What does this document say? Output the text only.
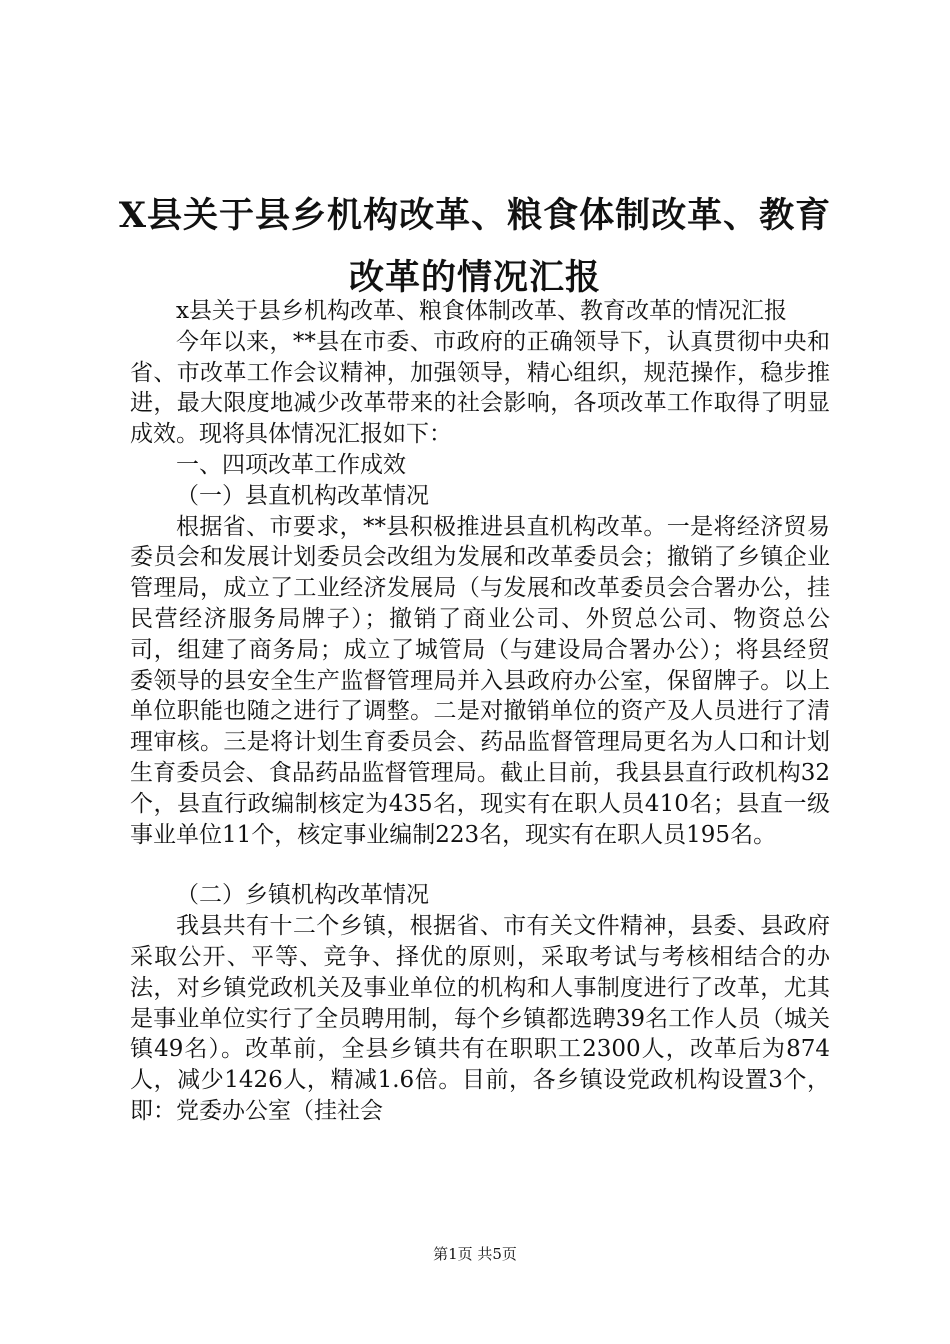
X县关于县乡机构改革、粮食体制改革、教育
改革的情况汇报

x县关于县乡机构改革、粮食体制改革、教育改革的情况汇报

今年以来，**县在市委、市政府的正确领导下，认真贯彻中央和省、市改革工作会议精神，加强领导，精心组织，规范操作，稳步推进，最大限度地减少改革带来的社会影响，各项改革工作取得了明显成效。现将具体情况汇报如下：

一、四项改革工作成效

（一）县直机构改革情况

根据省、市要求，**县积极推进县直机构改革。一是将经济贸易委员会和发展计划委员会改组为发展和改革委员会；撤销了乡镇企业管理局，成立了工业经济发展局（与发展和改革委员会合署办公，挂民营经济服务局牌子）；撤销了商业公司、外贸总公司、物资总公司，组建了商务局；成立了城管局（与建设局合署办公）；将县经贸委领导的县安全生产监督管理局并入县政府办公室，保留牌子。以上单位职能也随之进行了调整。二是对撤销单位的资产及人员进行了清理审核。三是将计划生育委员会、药品监督管理局更名为人口和计划生育委员会、食品药品监督管理局。截止目前，我县县直行政机构32个，县直行政编制核定为435名，现实有在职人员410名；县直一级事业单位11个，核定事业编制223名，现实有在职人员195名。

（二）乡镇机构改革情况

我县共有十二个乡镇，根据省、市有关文件精神，县委、县政府采取公开、平等、竞争、择优的原则，采取考试与考核相结合的办法，对乡镇党政机关及事业单位的机构和人事制度进行了改革，尤其是事业单位实行了全员聘用制，每个乡镇都选聘39名工作人员（城关镇49名）。改革前，全县乡镇共有在职职工2300人，改革后为874人，减少1426人，精减1.6倍。目前，各乡镇设党政机构设置3个，即：党委办公室（挂社会

第1页 共5页
